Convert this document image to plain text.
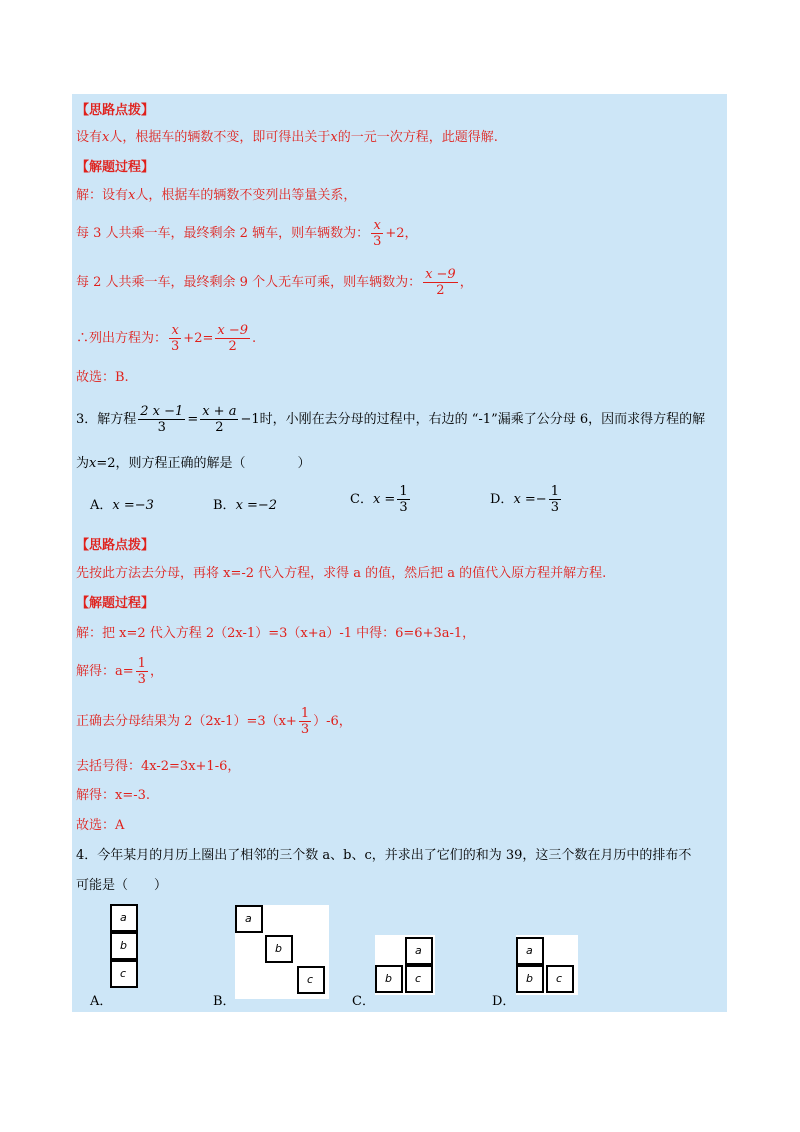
【思路点拨】
设有x人，根据车的辆数不变，即可得出关于x的一元一次方程，此题得解.
【解题过程】
解：设有x人，根据车的辆数不变列出等量关系，
每 3 人共乘一车，最终剩余 2 辆车，则车辆数为： $\frac{x}{3} +2$，
每 2 人共乘一车，最终剩余 9 个人无车可乘，则车辆数为： $\frac{x -9}{2}$ ，
∴列出方程为： $\frac{x}{3} +2= \frac{x -9}{2}$ .
故选：B.
3．解方程 $\frac{2 x -1}{3} = \frac{x + a}{2} -1$时，小刚在去分母的过程中，右边的 “-1”漏乘了公分母 6，因而求得方程的解
为x=2，则方程正确的解是（　　　　）
A．x =−3	B．x =−2	C．$x = \frac{1}{3}$	D．$x =- \frac{1}{3}$
【思路点拨】
先按此方法去分母，再将 x=-2 代入方程，求得 a 的值，然后把 a 的值代入原方程并解方程.
【解题过程】
解：把 x=2 代入方程 2（2x-1）=3（x+a）-1 中得：6=6+3a-1，
解得：$a= \frac{1}{3}$ ，
正确去分母结果为 $2(2x-1)=3(x+ \frac{1}{3} )-6$，
去括号得：4x-2=3x+1-6，
解得：x=-3.
故选：A
4．今年某月的月历上圈出了相邻的三个数 a、b、c，并求出了它们的和为 39，这三个数在月历中的排布不
可能是（　　）
a
b
c
A．
a
b
c
B．
a
b c
C．
a
b c
D．
